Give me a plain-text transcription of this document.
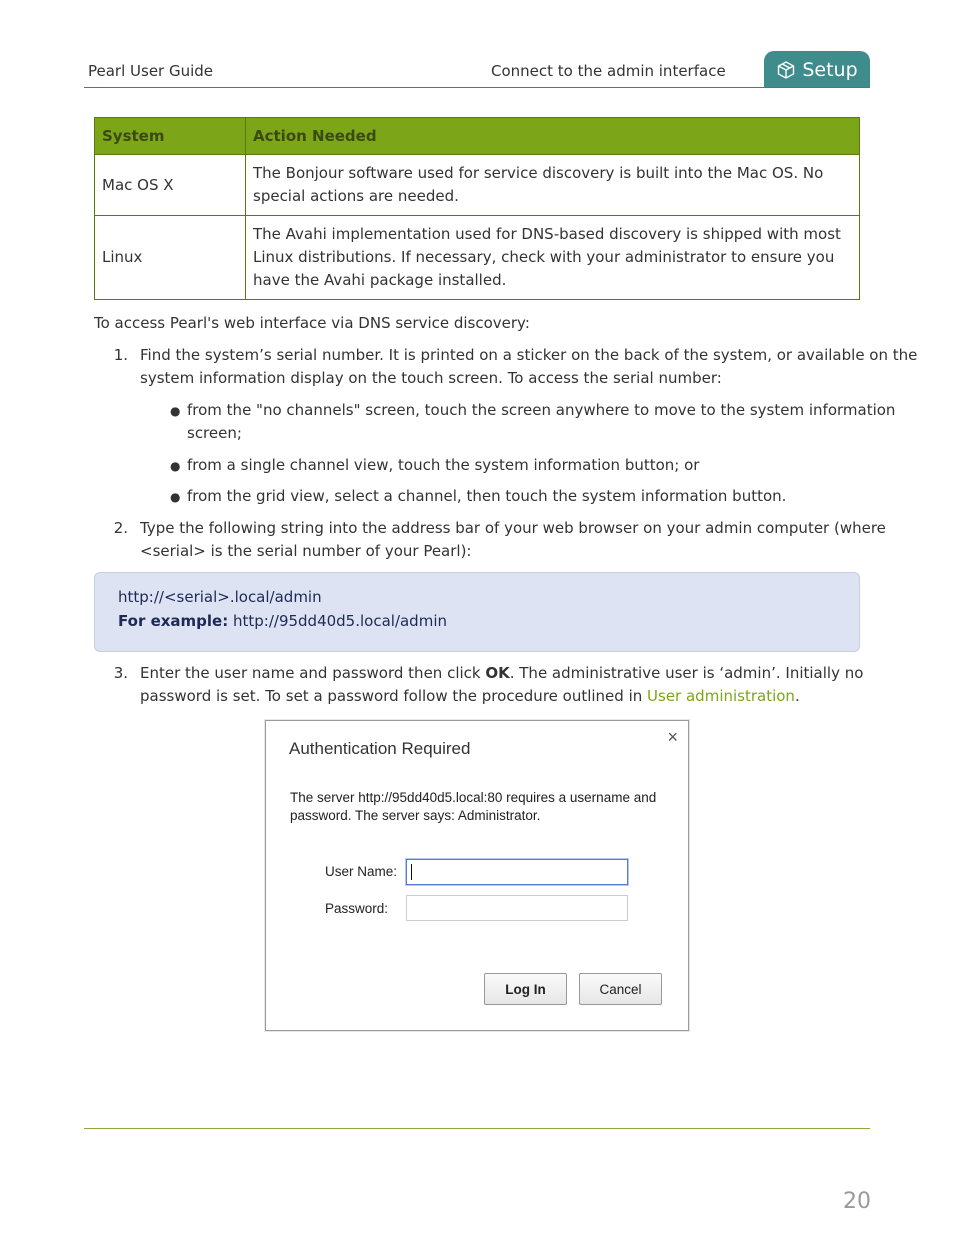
Pearl User Guide	Connect to the admin interface	Setup
System	Action Needed
Mac OS X	The Bonjour software used for service discovery is built into the Mac OS. No special actions are needed.
Linux	The Avahi implementation used for DNS-based discovery is shipped with most Linux distributions. If necessary, check with your administrator to ensure you have the Avahi package installed.
To access Pearl's web interface via DNS service discovery:
1. Find the system’s serial number. It is printed on a sticker on the back of the system, or available on the
system information display on the touch screen. To access the serial number:
● from the "no channels" screen, touch the screen anywhere to move to the system information
screen;
● from a single channel view, touch the system information button; or
● from the grid view, select a channel, then touch the system information button.
2. Type the following string into the address bar of your web browser on your admin computer (where
<serial> is the serial number of your Pearl):
http://<serial>.local/admin
For example: http://95dd40d5.local/admin
3. Enter the user name and password then click OK. The administrative user is ‘admin’. Initially no
password is set. To set a password follow the procedure outlined in User administration.
Authentication Required
×
The server http://95dd40d5.local:80 requires a username and password. The server says: Administrator.
User Name:
Password:
Log In	Cancel
20
